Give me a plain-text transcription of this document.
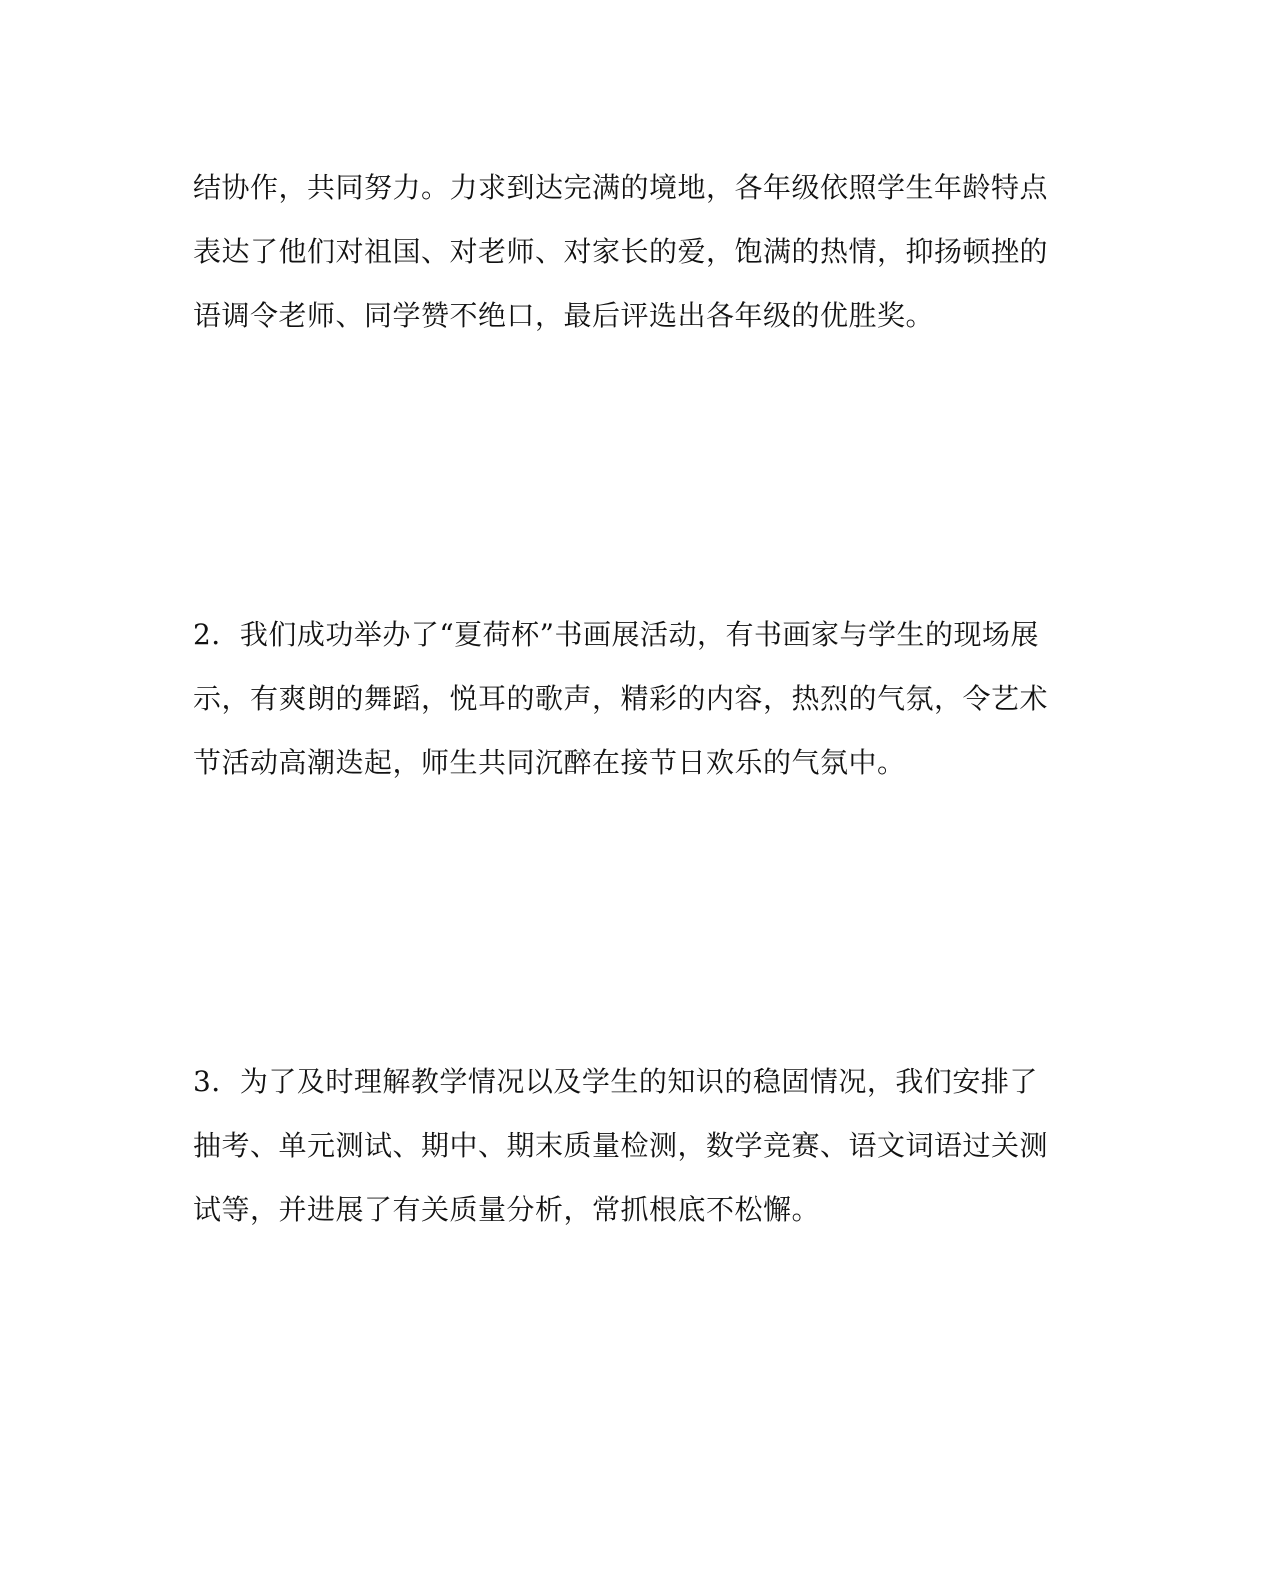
结协作，共同努力。力求到达完满的境地，各年级依照学生年龄特点
表达了他们对祖国、对老师、对家长的爱，饱满的热情，抑扬顿挫的
语调令老师、同学赞不绝口，最后评选出各年级的优胜奖。
2．我们成功举办了“夏荷杯”书画展活动，有书画家与学生的现场展
示，有爽朗的舞蹈，悦耳的歌声，精彩的内容，热烈的气氛，令艺术
节活动高潮迭起，师生共同沉醉在接节日欢乐的气氛中。
3．为了及时理解教学情况以及学生的知识的稳固情况，我们安排了
抽考、单元测试、期中、期末质量检测，数学竞赛、语文词语过关测
试等，并进展了有关质量分析，常抓根底不松懈。
